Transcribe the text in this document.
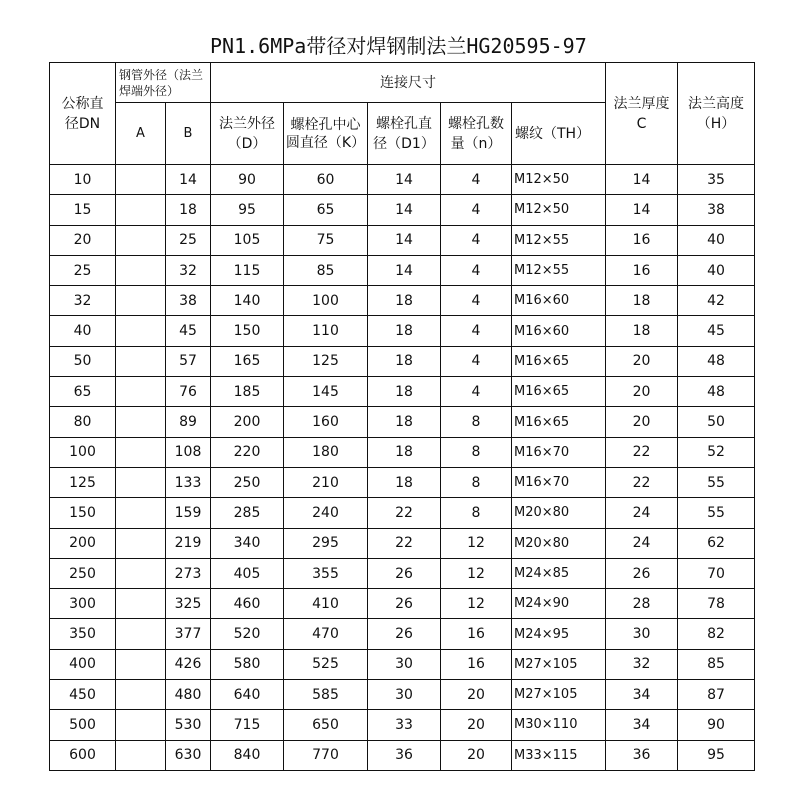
PN1.6MPa带径对焊钢制法兰HG20595-97
公称直径DN	钢管外径（法兰焊端外径）		连接尺寸					法兰厚度C	法兰高度（H）

	A	B	法兰外径（D）	螺栓孔中心圆直径（K）	螺栓孔直径（D1）	螺栓孔数量（n）	螺纹（TH）		
10		14	90	60	14	4	M12×50	14	35
15		18	95	65	14	4	M12×50	14	38
20		25	105	75	14	4	M12×55	16	40
25		32	115	85	14	4	M12×55	16	40
32		38	140	100	18	4	M16×60	18	42
40		45	150	110	18	4	M16×60	18	45
50		57	165	125	18	4	M16×65	20	48
65		76	185	145	18	4	M16×65	20	48
80		89	200	160	18	8	M16×65	20	50
100		108	220	180	18	8	M16×70	22	52
125		133	250	210	18	8	M16×70	22	55
150		159	285	240	22	8	M20×80	24	55
200		219	340	295	22	12	M20×80	24	62
250		273	405	355	26	12	M24×85	26	70
300		325	460	410	26	12	M24×90	28	78
350		377	520	470	26	16	M24×95	30	82
400		426	580	525	30	16	M27×105	32	85
450		480	640	585	30	20	M27×105	34	87
500		530	715	650	33	20	M30×110	34	90
600		630	840	770	36	20	M33×115	36	95
